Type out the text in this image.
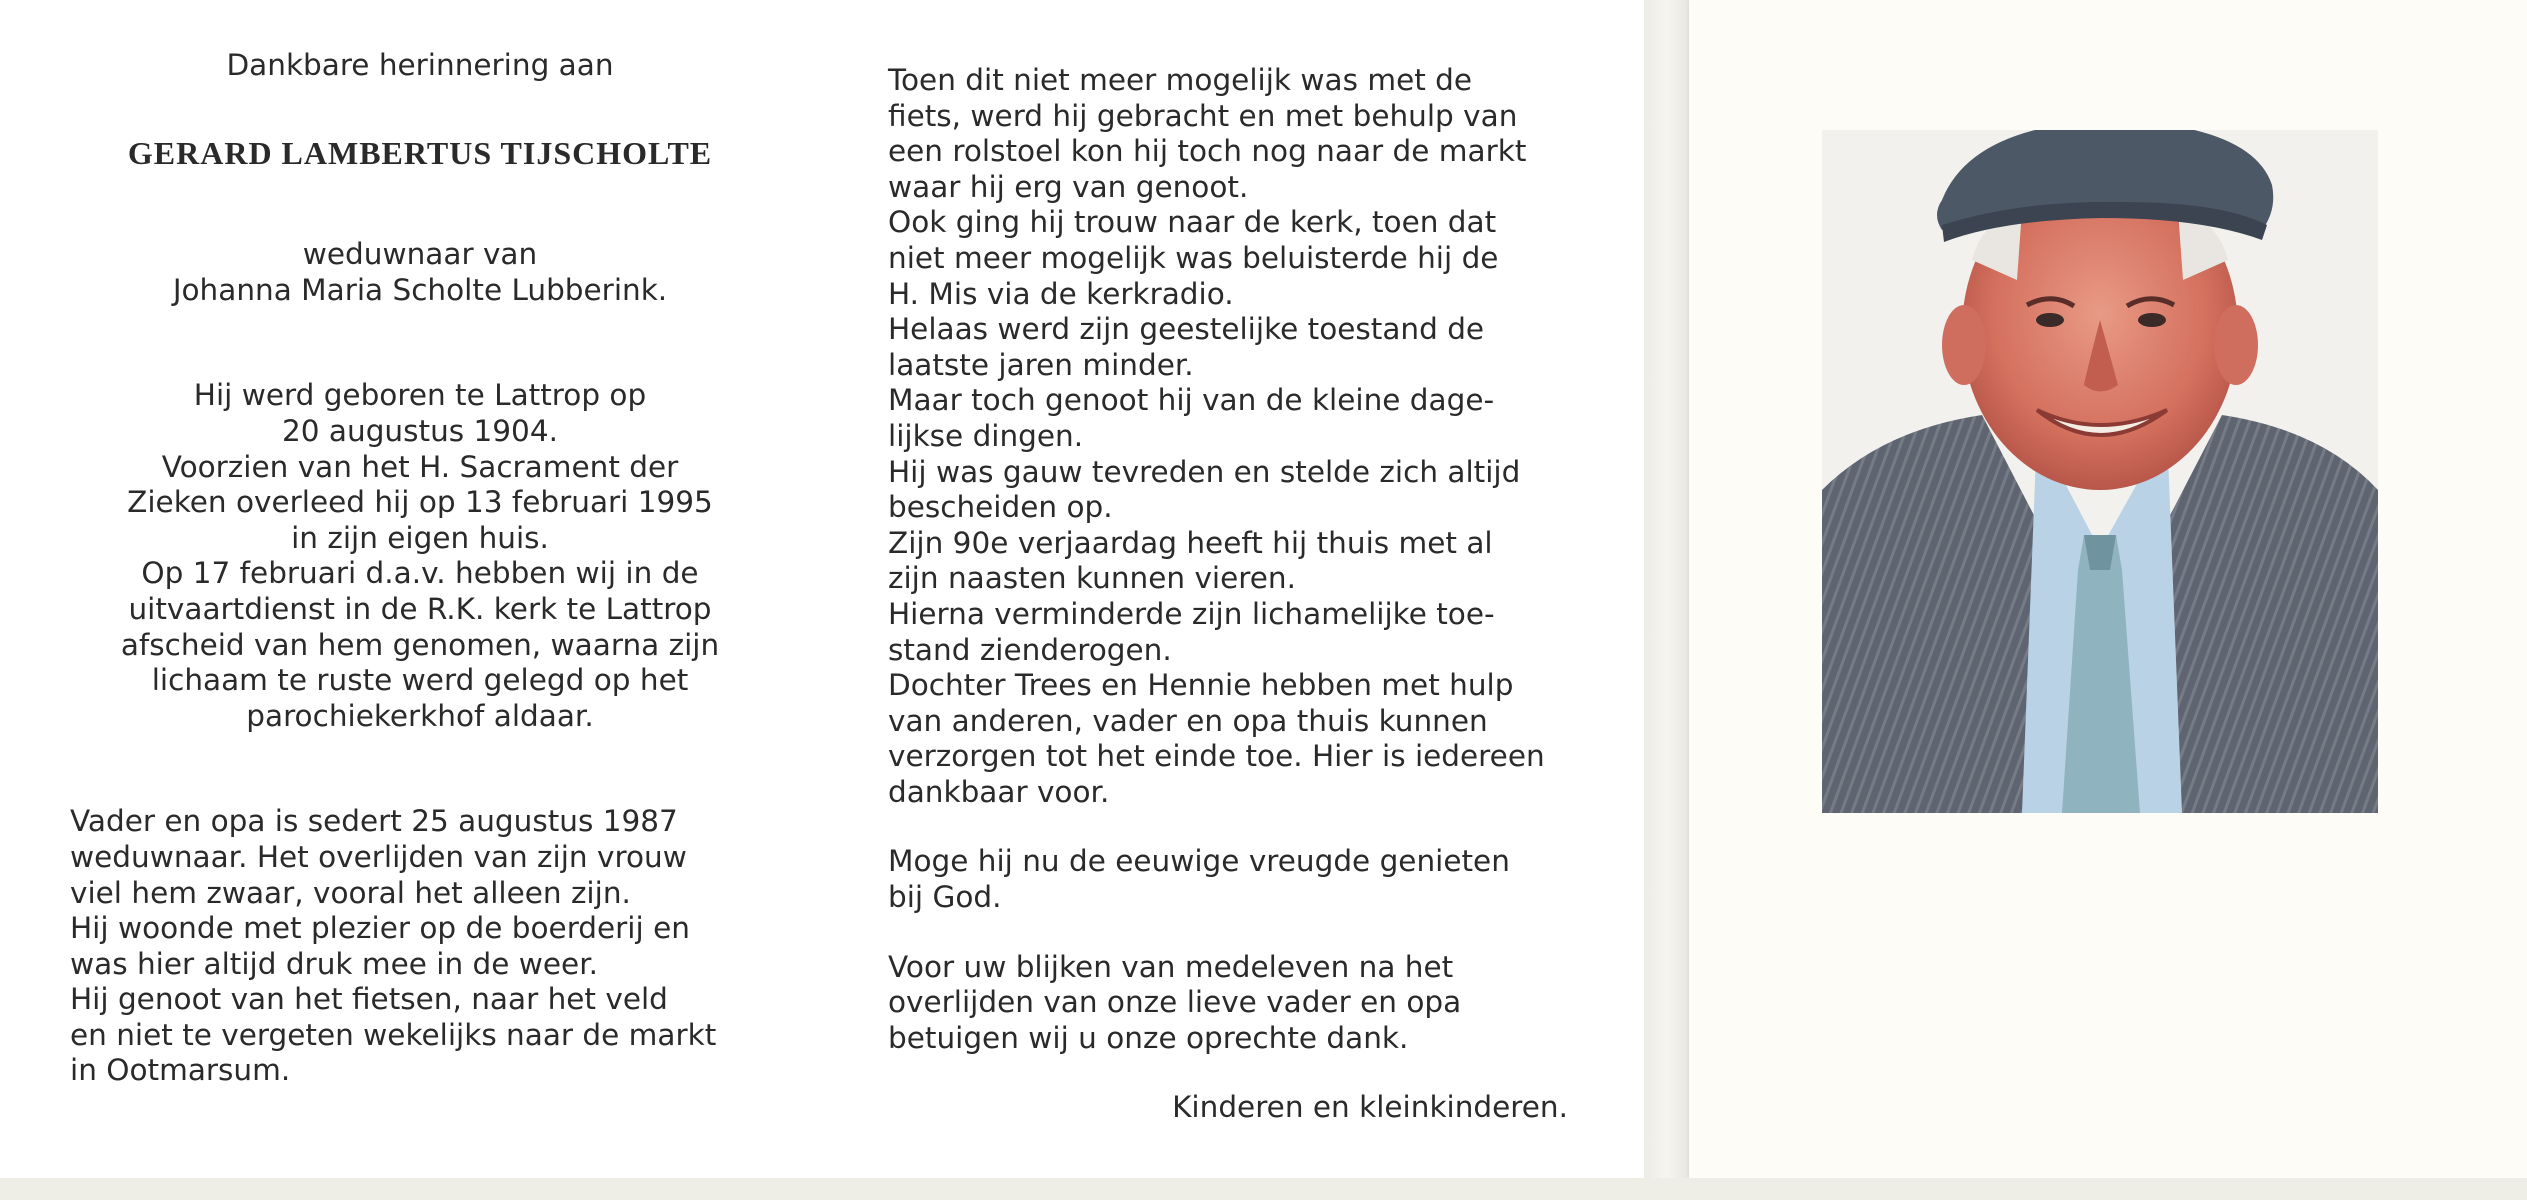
Dankbare herinnering aan
GERARD LAMBERTUS TIJSCHOLTE
weduwnaar van
Johanna Maria Scholte Lubberink.
Hij werd geboren te Lattrop op
20 augustus 1904.
Voorzien van het H. Sacrament der
Zieken overleed hij op 13 februari 1995
in zijn eigen huis.
Op 17 februari d.a.v. hebben wij in de
uitvaartdienst in de R.K. kerk te Lattrop
afscheid van hem genomen, waarna zijn
lichaam te ruste werd gelegd op het
parochiekerkhof aldaar.
Vader en opa is sedert 25 augustus 1987
weduwnaar. Het overlijden van zijn vrouw
viel hem zwaar, vooral het alleen zijn.
Hij woonde met plezier op de boerderij en
was hier altijd druk mee in de weer.
Hij genoot van het fietsen, naar het veld
en niet te vergeten wekelijks naar de markt
in Ootmarsum.
Toen dit niet meer mogelijk was met de
fiets, werd hij gebracht en met behulp van
een rolstoel kon hij toch nog naar de markt
waar hij erg van genoot.
Ook ging hij trouw naar de kerk, toen dat
niet meer mogelijk was beluisterde hij de
H. Mis via de kerkradio.
Helaas werd zijn geestelijke toestand de
laatste jaren minder.
Maar toch genoot hij van de kleine dage-
lijkse dingen.
Hij was gauw tevreden en stelde zich altijd
bescheiden op.
Zijn 90e verjaardag heeft hij thuis met al
zijn naasten kunnen vieren.
Hierna verminderde zijn lichamelijke toe-
stand zienderogen.
Dochter Trees en Hennie hebben met hulp
van anderen, vader en opa thuis kunnen
verzorgen tot het einde toe. Hier is iedereen
dankbaar voor.
Moge hij nu de eeuwige vreugde genieten
bij God.
Voor uw blijken van medeleven na het
overlijden van onze lieve vader en opa
betuigen wij u onze oprechte dank.
Kinderen en kleinkinderen.
